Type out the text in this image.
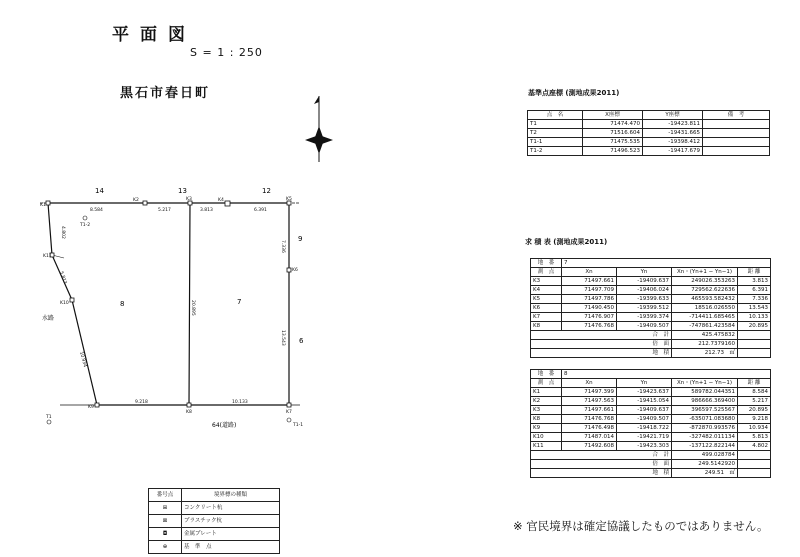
平面図
S = 1 : 250
黒石市春日町
14	13	12
8	7
9
6
64(道路)
水路
K1
K2	K3	K4	K5
K6
K7
K8
K9
K10
K11
T1
T1-1
T1-2
8.584	5.217	3.813	6.391
7.336
13.543
10.133
9.218
20.895
4.802
5.813
10.934
基準点座標 (測地成果2011)
点　名	X座標	Y座標	備　考
T1	71474.470	-19423.811	
T2	71516.604	-19431.665	
T1-1	71475.535	-19398.412	
T1-2	71496.523	-19417.679	
求 積 表 (測地成果2011)
地　番	7			
測　点	Xn	Yn	Xn・(Yn+1 − Yn−1)	距 離
K3	71497.661	-19409.637	249026.353263	3.813
K4	71497.709	-19406.024	729562.622636	6.391
K5	71497.786	-19399.633	465593.582432	7.336
K6	71490.450	-19399.512	18516.026550	13.543
K7	71476.907	-19399.374	-714411.685465	10.133
K8	71476.768	-19409.507	-747861.423584	20.895
合　計			425.475832	
倍　面			212.7379160	
地　積			212.73　㎡	
地　番	8			
測　点	Xn	Yn	Xn・(Yn+1 − Yn−1)	距 離
K1	71497.399	-19423.637	589782.044351	8.584
K2	71497.563	-19415.054	986666.369400	5.217
K3	71497.661	-19409.637	396597.525567	20.895
K8	71476.768	-19409.507	-635071.083680	9.218
K9	71476.498	-19418.722	-872870.993576	10.934
K10	71487.014	-19421.719	-327482.011134	5.813
K11	71492.608	-19423.303	-137122.822144	4.802
合　計			499.028784	
倍　面			249.5142920	
地　積			249.51　㎡	
番号点	境界標の種類
⊞	コンクリート杭
⊠	プラスチック杭
◘	金属プレート
⊕	基　準　点
※ 官民境界は確定協議したものではありません。
